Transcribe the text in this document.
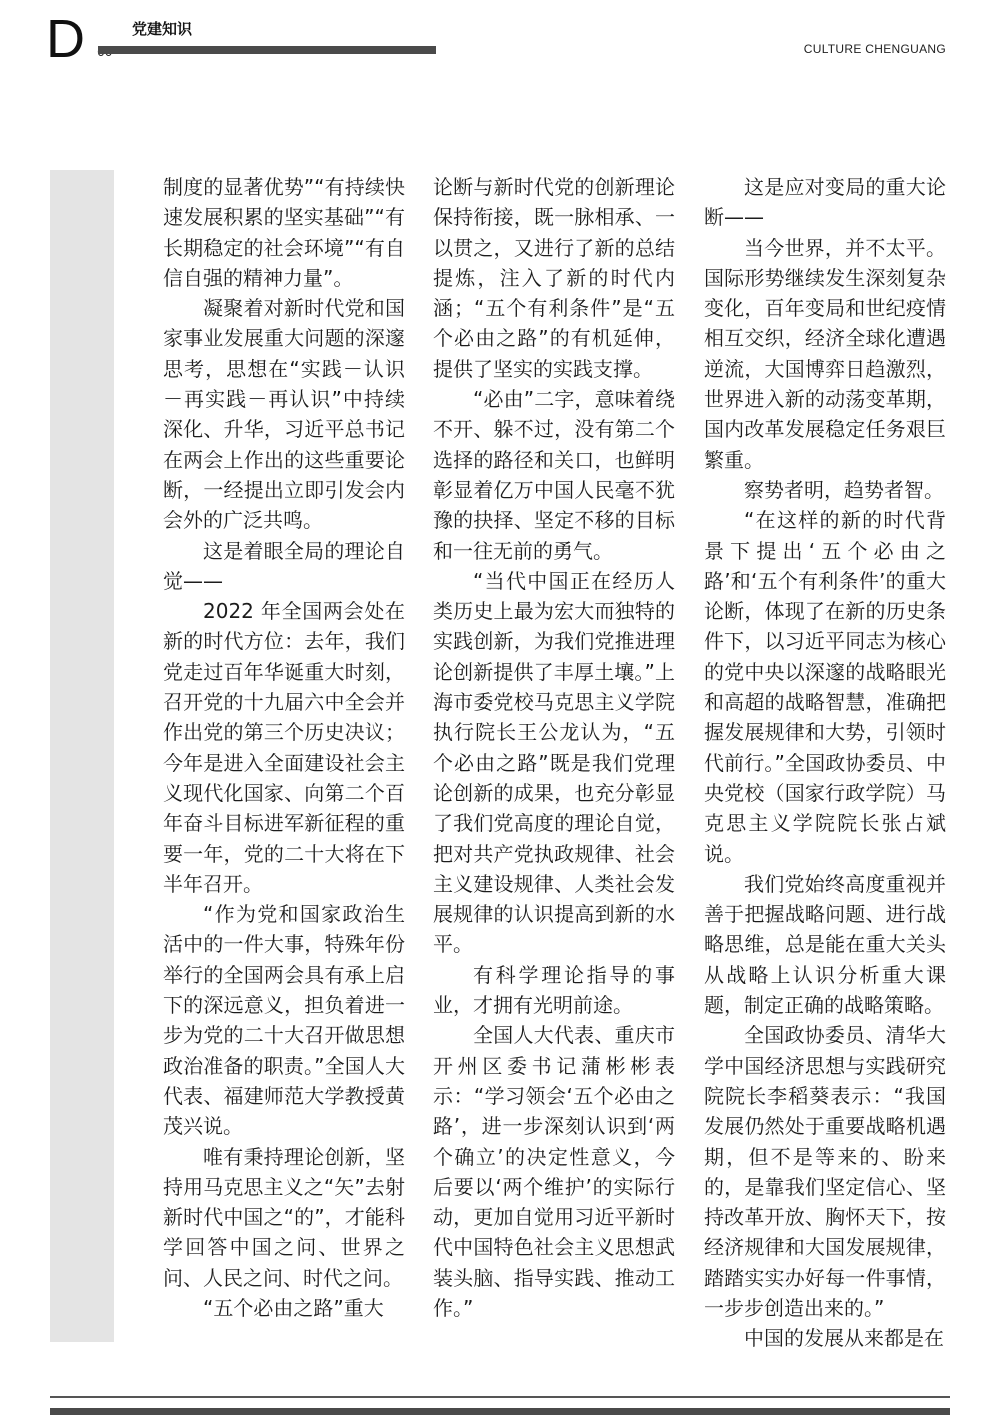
D	党建知识
CULTURE CHENGUANG

制度的显著优势”“有持续快速发展积累的坚实基础”“有长期稳定的社会环境”“有自信自强的精神力量”。

凝聚着对新时代党和国家事业发展重大问题的深邃思考，思想在“实践－认识－再实践－再认识”中持续深化、升华，习近平总书记在两会上作出的这些重要论断，一经提出立即引发会内会外的广泛共鸣。

这是着眼全局的理论自觉——

2022 年全国两会处在新的时代方位：去年，我们党走过百年华诞重大时刻，召开党的十九届六中全会并作出党的第三个历史决议；今年是进入全面建设社会主义现代化国家、向第二个百年奋斗目标进军新征程的重要一年，党的二十大将在下半年召开。

“作为党和国家政治生活中的一件大事，特殊年份举行的全国两会具有承上启下的深远意义，担负着进一步为党的二十大召开做思想政治准备的职责。”全国人大代表、福建师范大学教授黄茂兴说。

唯有秉持理论创新，坚持用马克思主义之“矢”去射新时代中国之“的”，才能科学回答中国之问、世界之问、人民之问、时代之问。

“五个必由之路”重大

论断与新时代党的创新理论保持衔接，既一脉相承、一以贯之，又进行了新的总结提炼，注入了新的时代内涵；“五个有利条件”是“五个必由之路”的有机延伸，提供了坚实的实践支撑。

“必由”二字，意味着绕不开、躲不过，没有第二个选择的路径和关口，也鲜明彰显着亿万中国人民毫不犹豫的抉择、坚定不移的目标和一往无前的勇气。

“当代中国正在经历人类历史上最为宏大而独特的实践创新，为我们党推进理论创新提供了丰厚土壤。”上海市委党校马克思主义学院执行院长王公龙认为，“五个必由之路”既是我们党理论创新的成果，也充分彰显了我们党高度的理论自觉，把对共产党执政规律、社会主义建设规律、人类社会发展规律的认识提高到新的水平。

有科学理论指导的事业，才拥有光明前途。

全国人大代表、重庆市开州区委书记蒲彬彬表示：“学习领会‘五个必由之路’，进一步深刻认识到‘两个确立’的决定性意义，今后要以‘两个维护’的实际行动，更加自觉用习近平新时代中国特色社会主义思想武装头脑、指导实践、推动工作。”

这是应对变局的重大论断——

当今世界，并不太平。国际形势继续发生深刻复杂变化，百年变局和世纪疫情相互交织，经济全球化遭遇逆流，大国博弈日趋激烈，世界进入新的动荡变革期，国内改革发展稳定任务艰巨繁重。

察势者明，趋势者智。

“在这样的新的时代背景下提出‘五个必由之路’和‘五个有利条件’的重大论断，体现了在新的历史条件下，以习近平同志为核心的党中央以深邃的战略眼光和高超的战略智慧，准确把握发展规律和大势，引领时代前行。”全国政协委员、中央党校（国家行政学院）马克思主义学院院长张占斌说。

我们党始终高度重视并善于把握战略问题、进行战略思维，总是能在重大关头从战略上认识分析重大课题，制定正确的战略策略。

全国政协委员、清华大学中国经济思想与实践研究院院长李稻葵表示：“我国发展仍然处于重要战略机遇期，但不是等来的、盼来的，是靠我们坚定信心、坚持改革开放、胸怀天下，按经济规律和大国发展规律，踏踏实实办好每一件事情，一步步创造出来的。”

中国的发展从来都是在
